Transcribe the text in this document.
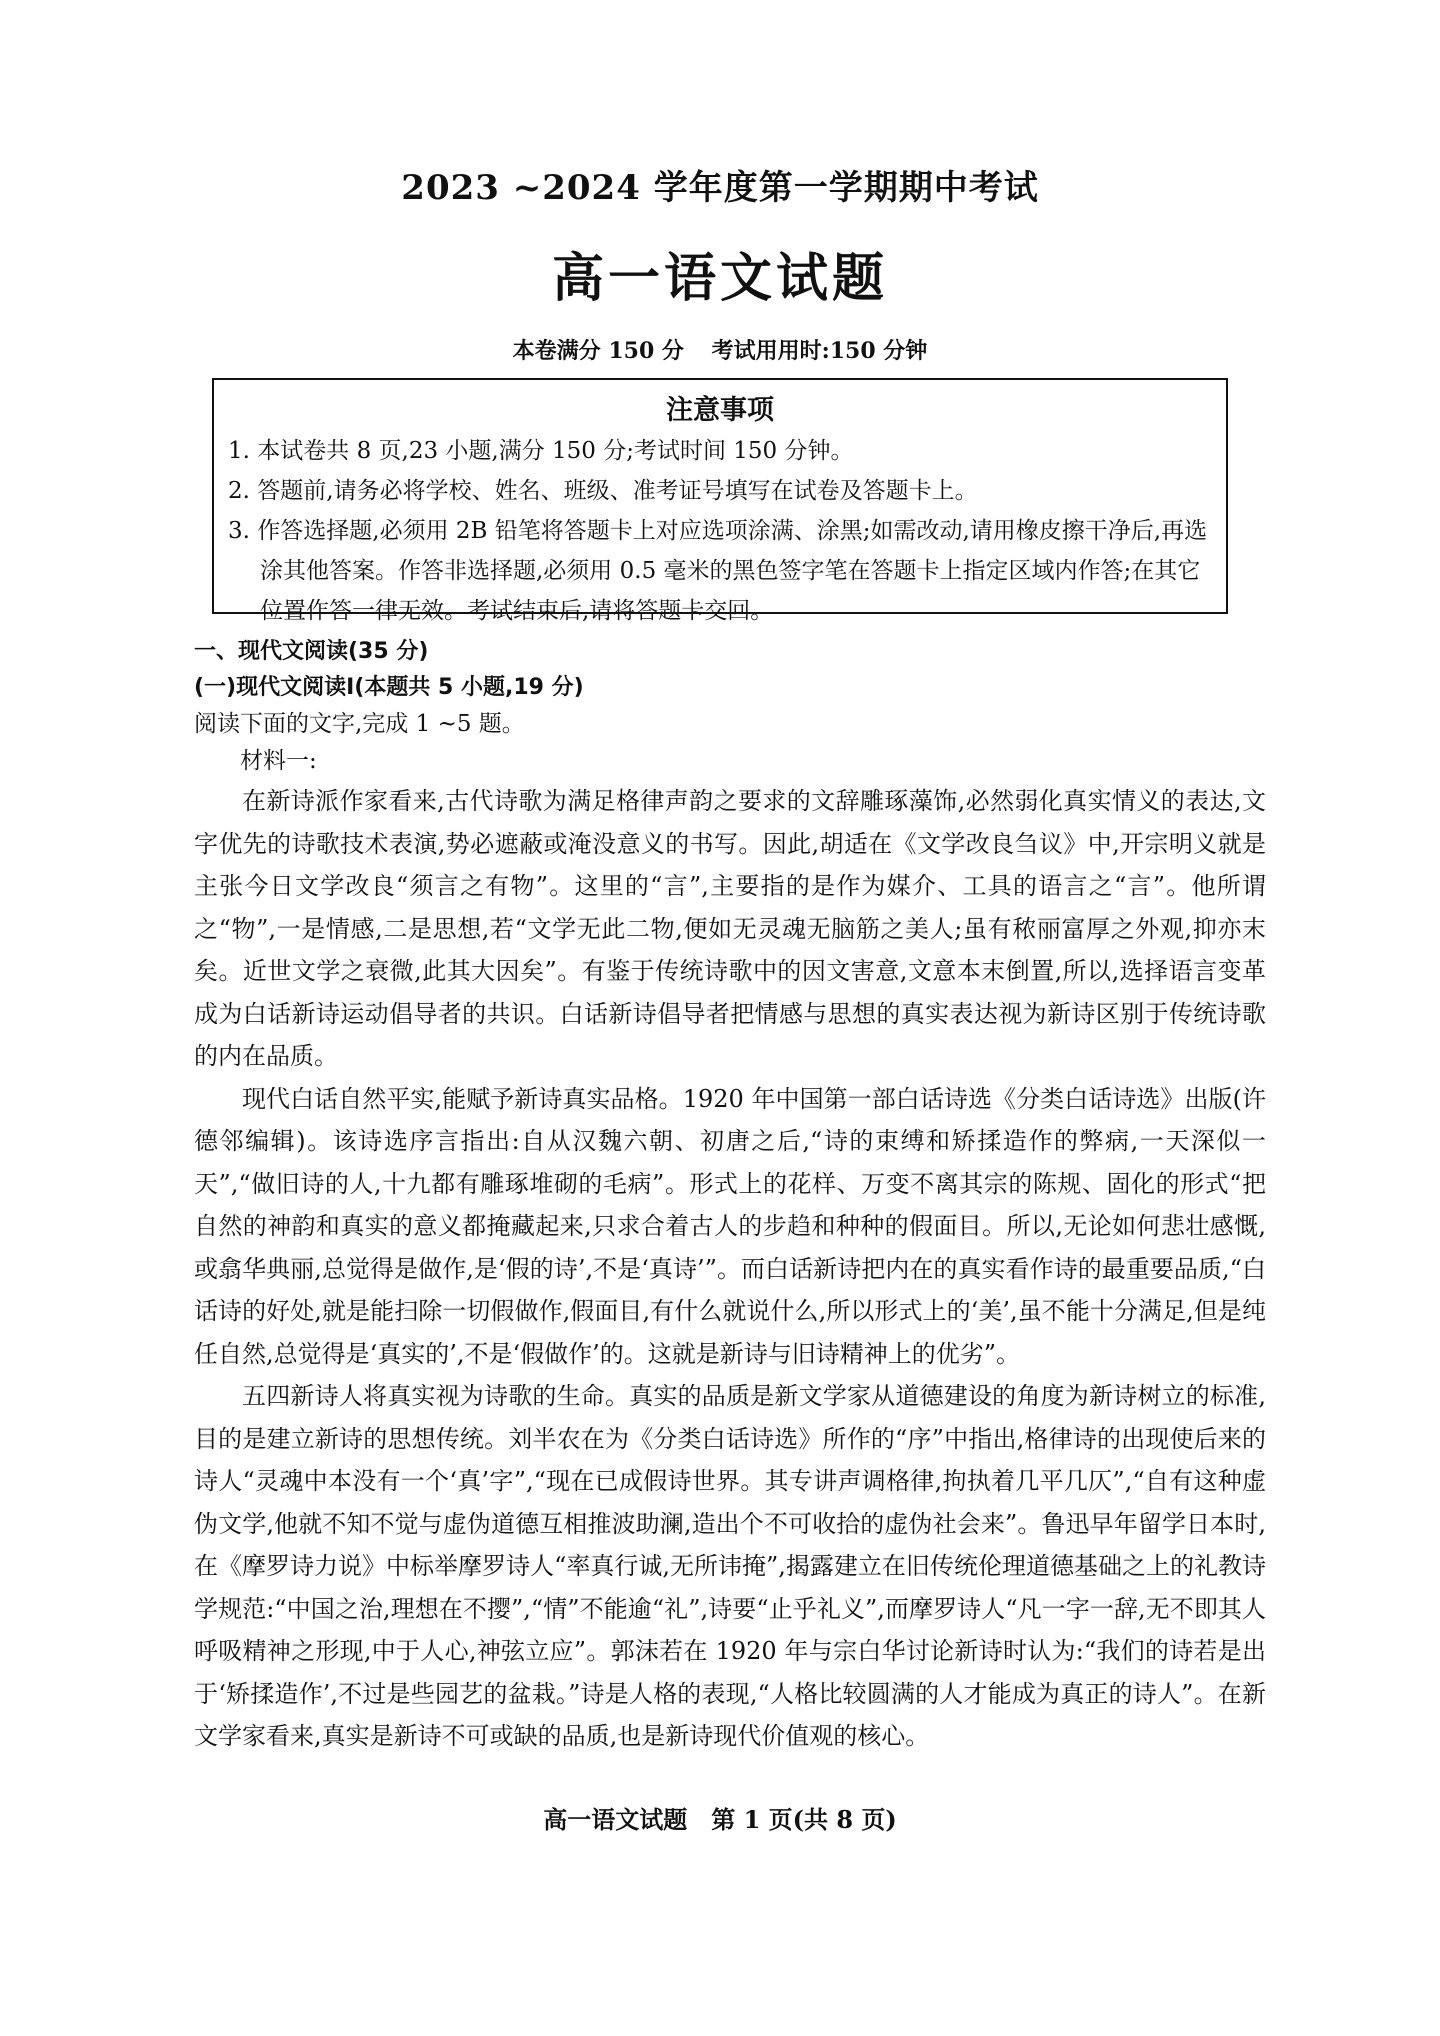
2023 ~2024 学年度第一学期期中考试
高一语文试题
本卷满分 150 分 考试用用时:150 分钟
注意事项
1. 本试卷共 8 页,23 小题,满分 150 分;考试时间 150 分钟。
2. 答题前,请务必将学校、姓名、班级、准考证号填写在试卷及答题卡上。
3. 作答选择题,必须用 2B 铅笔将答题卡上对应选项涂满、涂黑;如需改动,请用橡皮擦干净后,再选涂其他答案。作答非选择题,必须用 0.5 毫米的黑色签字笔在答题卡上指定区域内作答;在其它位置作答一律无效。考试结束后,请将答题卡交回。
一、现代文阅读(35 分)
(一)现代文阅读Ⅰ(本题共 5 小题,19 分)
阅读下面的文字,完成 1 ~5 题。
材料一:

在新诗派作家看来,古代诗歌为满足格律声韵之要求的文辞雕琢藻饰,必然弱化真实情义的表达,文字优先的诗歌技术表演,势必遮蔽或淹没意义的书写。因此,胡适在《文学改良刍议》中,开宗明义就是主张今日文学改良“须言之有物”。这里的“言”,主要指的是作为媒介、工具的语言之“言”。他所谓之“物”,一是情感,二是思想,若“文学无此二物,便如无灵魂无脑筋之美人;虽有秾丽富厚之外观,抑亦末矣。近世文学之衰微,此其大因矣”。有鉴于传统诗歌中的因文害意,文意本末倒置,所以,选择语言变革成为白话新诗运动倡导者的共识。白话新诗倡导者把情感与思想的真实表达视为新诗区别于传统诗歌的内在品质。

现代白话自然平实,能赋予新诗真实品格。1920 年中国第一部白话诗选《分类白话诗选》出版(许德邻编辑)。该诗选序言指出:自从汉魏六朝、初唐之后,“诗的束缚和矫揉造作的弊病,一天深似一天”,“做旧诗的人,十九都有雕琢堆砌的毛病”。形式上的花样、万变不离其宗的陈规、固化的形式“把自然的神韵和真实的意义都掩藏起来,只求合着古人的步趋和种种的假面目。所以,无论如何悲壮感慨,或翕华典丽,总觉得是做作,是‘假的诗’,不是‘真诗’”。而白话新诗把内在的真实看作诗的最重要品质,“白话诗的好处,就是能扫除一切假做作,假面目,有什么就说什么,所以形式上的‘美’,虽不能十分满足,但是纯任自然,总觉得是‘真实的’,不是‘假做作’的。这就是新诗与旧诗精神上的优劣”。

五四新诗人将真实视为诗歌的生命。真实的品质是新文学家从道德建设的角度为新诗树立的标准,目的是建立新诗的思想传统。刘半农在为《分类白话诗选》所作的“序”中指出,格律诗的出现使后来的诗人“灵魂中本没有一个‘真’字”,“现在已成假诗世界。其专讲声调格律,拘执着几平几仄”,“自有这种虚伪文学,他就不知不觉与虚伪道德互相推波助澜,造出个不可收拾的虚伪社会来”。鲁迅早年留学日本时,在《摩罗诗力说》中标举摩罗诗人“率真行诚,无所讳掩”,揭露建立在旧传统伦理道德基础之上的礼教诗学规范:“中国之治,理想在不撄”,“情”不能逾“礼”,诗要“止乎礼义”,而摩罗诗人“凡一字一辞,无不即其人呼吸精神之形现,中于人心,神弦立应”。郭沫若在 1920 年与宗白华讨论新诗时认为:“我们的诗若是出于‘矫揉造作’,不过是些园艺的盆栽。”诗是人格的表现,“人格比较圆满的人才能成为真正的诗人”。在新文学家看来,真实是新诗不可或缺的品质,也是新诗现代价值观的核心。

高一语文试题　第 1 页(共 8 页)
